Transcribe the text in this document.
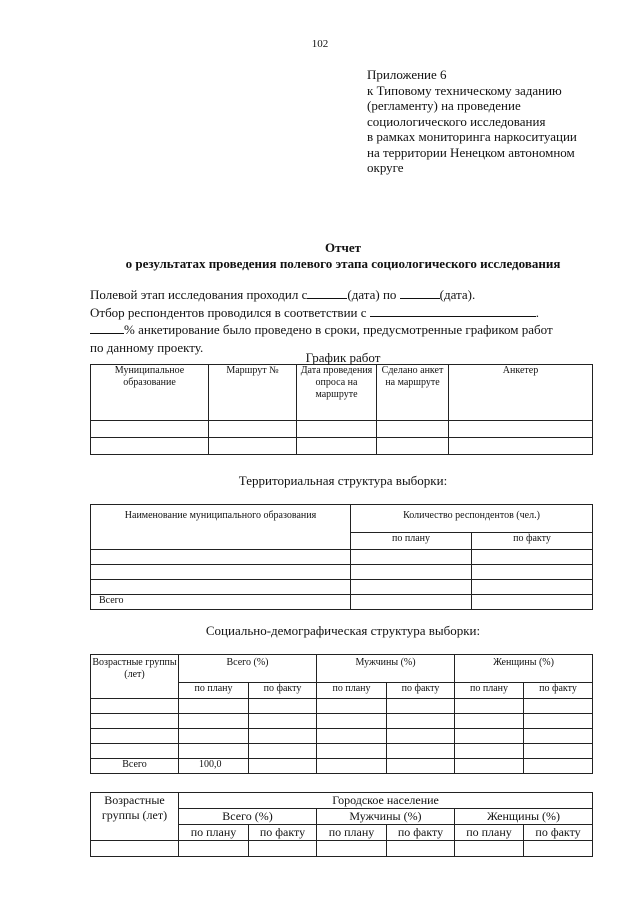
102
Приложение 6
к Типовому техническому заданию
(регламенту) на проведение
социологического исследования
в рамках мониторинга наркоситуации
на территории Ненецком автономном
округе
Отчет
о результатах проведения полевого этапа социологического исследования
Полевой этап исследования проходил с	(дата) по	(дата).
Отбор респондентов проводился в соответствии с	.
% анкетирование было проведено в сроки, предусмотренные графиком работ
по данному проекту.
График работ
Муниципальное образование	Маршрут №	Дата проведения опроса на маршруте	Сделано анкет на маршруте	Анкетер

Территориальная структура выборки:
Наименование муниципального образования	Количество респондентов (чел.)	
	по плану	по факту

Всего		
Социально-демографическая структура выборки:
Возрастные группы (лет)	Всего (%)		Мужчины (%)		Женщины (%)	
	по плану	по факту	по плану	по факту	по плану	по факту

Всего	100,0					
Возрастные группы (лет)	Городское население					
	Всего (%)		Мужчины (%)		Женщины (%)	
	по плану	по факту	по плану	по факту	по плану	по факту
